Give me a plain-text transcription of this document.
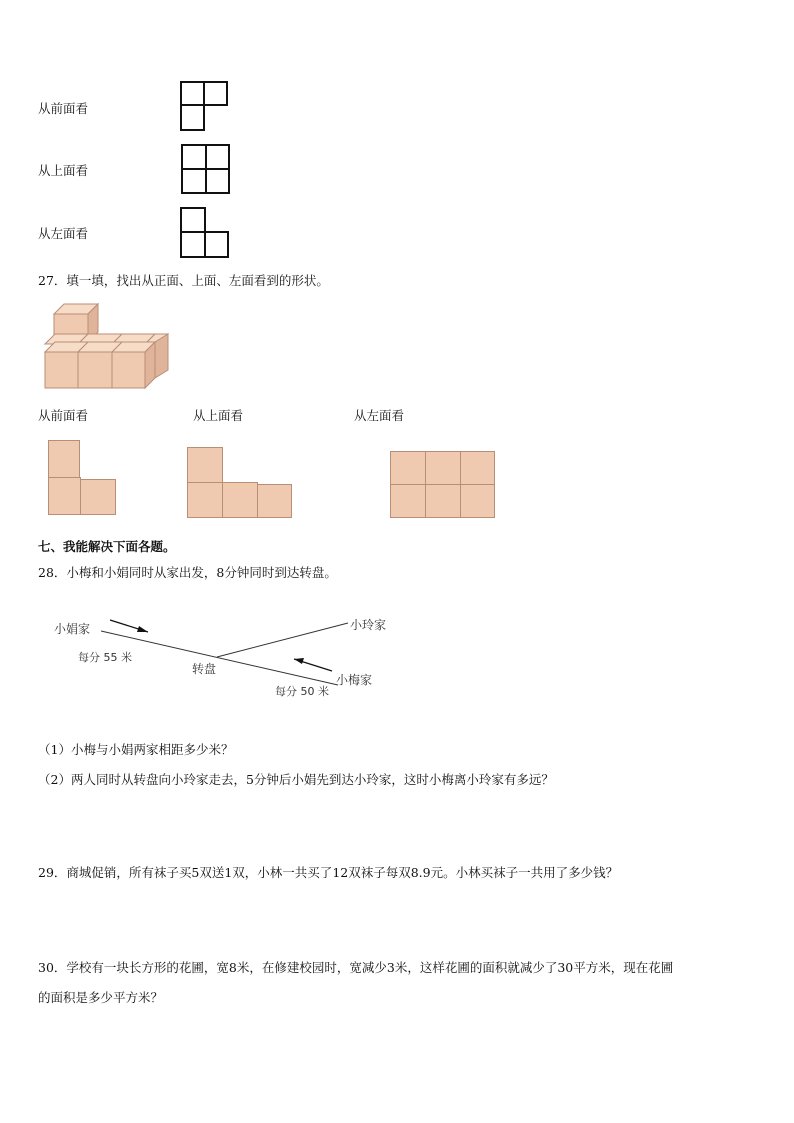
从前面看
从上面看
从左面看
27．填一填，找出从正面、上面、左面看到的形状。
从前面看	从上面看	从左面看
七、我能解决下面各题。
28．小梅和小娟同时从家出发，8分钟同时到达转盘。
小娟家	小玲家
小梅家
转盘
每分 55 米
每分 50 米
（1）小梅与小娟两家相距多少米？
（2）两人同时从转盘向小玲家走去，5分钟后小娟先到达小玲家，这时小梅离小玲家有多远？
29．商城促销，所有袜子买5双送1双，小林一共买了12双袜子每双8.9元。小林买袜子一共用了多少钱？
30．学校有一块长方形的花圃，宽8米，在修建校园时，宽减少3米，这样花圃的面积就减少了30平方米，现在花圃
的面积是多少平方米？
